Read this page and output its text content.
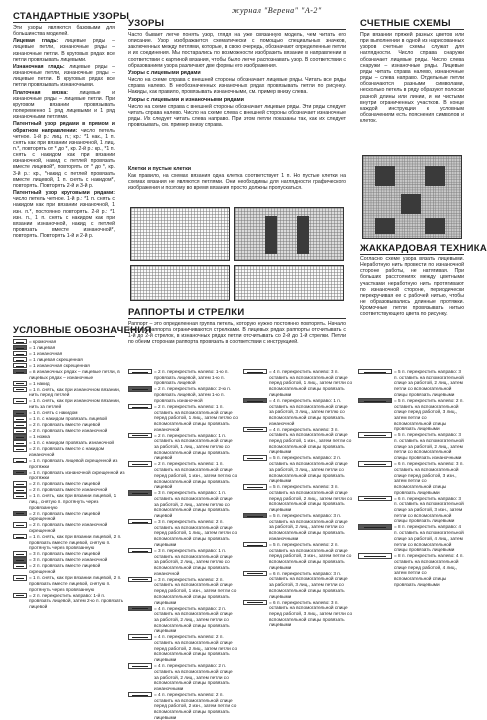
журнал "Верена" "А-2"
СТАНДАРТНЫЕ УЗОРЫ

Эти узоры являются базовыми для большинства моделей.

Лицевая гладь: лицевые ряды – лицевые петли, изнаночные ряды – изнаночные петли. В круговых рядах все петли провязывать лицевыми.

Изнаночная гладь: лицевые ряды – изнаночные петли, изнаночные ряды – лицевые петли. В круговых рядах все петли провязывать изнаночными.

Платочная вязка: лицевые и изнаночные ряды – лицевые петли. При круговом вязании провязывать попеременно 1 ряд лицевыми и 1 ряд изнаночными петлями.

Патентный узор рядами в прямом и обратном направлении: число петель четное. 1-й р.: лиц. п.; кр.: *1 нак., 1 п. снять как при вязании изнаночной, 1 лиц. п.*, повторять от * до *, кр. 2-й р.: кр., *1 п. снять с накидом как при вязании изнаночной, накид с петлей провязать вместе лицевой*, повторять от * до *, кр. 3-й р.: кр., *накид с петлей провязать вместе лицевой, 1 п. снять с накидом*, повторять. Повторять 2-й и 3-й р.

Патентный узор круговыми рядами: число петель четное. 1-й р.: *1 п. снять с накидом как при вязании изнаночной, 1 изн. п.*, постоянно повторять. 2-й р.: *1 изн. п., 1 п. снять с накидом как при вязании изнаночной, накид с петлей провязать вместе изнаночной*, повторять. Повторять 1-й и 2-й р.

УЗОРЫ

Часто бывает легче понять узор, глядя на уже связанную модель, чем читать его описание. Узор изображается схематически с помощью специальных значков, заключенных между петлями, которые, в свою очередь, обозначают определенные петли и их соединения. Мы постарались по возможности изобразить вязание в направлении в соответствии с картиной вязания, чтобы было легче распознавать узор. В соответствии с образованием узора различают две формы его изображения.

Узоры с лицевыми рядами

Число на схеме справа с внешней стороны обозначает лицевые ряды. Читать все ряды справа налево. В необозначенных изнаночных рядах провязывать петли по рисунку. Накиды, как правило, провязывать изнаночными, см. пример внизу слева.

Узоры с лицевыми и изнаночными рядами

Число на схеме справа с внешней стороны обозначает лицевые ряды. Эти ряды следует читать справа налево. Число на схеме слева с внешней стороны обозначает изнаночные ряды. Их следует читать слева направо. При этом петли показаны так, как их следует провязывать, см. пример внизу справа.

Клетки и пустые клетки

Как правило, на схемах вязания одна клетка соответствует 1 п. Но пустые клетки на схемах вязания не являются петлями. Они необходимы для наглядности графического изображения и поэтому во время вязания просто должны пропускаться.

РАППОРТЫ И СТРЕЛКИ

Раппорт – это определенная группа петель, которую нужно постоянно повторять. Начало и конец раппорта ограничиваются стрелками. В лицевых рядах раппорты отсчитывать с 1-й до 2-й стрелок, в изнаночных рядах петли отсчитывать со 2-й до 1-й стрелки. Петли по обеим сторонам раппорта провязать в соответствии с инструкцией.

СЧЕТНЫЕ СХЕМЫ

При вязании пряжей разных цветов или при выполнении в одной из нарисованных узоров счетные схемы служат для наглядности. Число справа снаружи обозначает лицевые ряды. Число слева снаружи – изнаночные ряды. Лицевые ряды читать справа налево, изнаночные ряды – слева направо. Отдельные петли обозначаются разными символами, несколько петель в ряду образуют полоски разной длины или линии, и ни чистыми внутри ограниченных участков. В конце каждой инструкции к условным обозначениям есть пояснения символов и клеток.

ЖАККАРДОВАЯ ТЕХНИКА
Согласно схеме узора вязать лицевыми. Неработную нить провести по изнаночной стороне работы, не натягивая. При больших расстояниях между цветными участками неработную нить протягивают по изнаночной стороне, периодически перекручивая ее с рабочей нитью, чтобы не образовывались длинные протяжки. Кромочные петли провязывать нитью соответствующего цвета по рисунку.
УСЛОВНЫЕ ОБОЗНАЧЕНИЯ
= кромочная
= 1 лицевая
= 1 изнаночная
= 1 лицевая скрещенная
= 1 изнаночная скрещенная
= в изнаночных рядах – лицевые петли, в лицевых рядах – изнаночные
= 1 накид
= 1 п. снять, как при изнаночном вязании, нить перед петлей
= 1 п. снять, как при изнаночном вязании, нить за петлей
= 1 п. снять с накидом
= 1 п. с накидом провязать лицевой
= 2 п. провязать вместе лицевой
= 2 п. провязать вместе изнаночной
= 1 ножка
= 1 п. с накидом провязать изнаночной
= 2 п. провязать вместе с накидом изнаночной
= 1 п. провязать лицевой скрещенной из протяжки
= 1 п. провязать изнаночной скрещенной из протяжки
= 2 п. провязать вместе лицевой
= 2 п. провязать вместе изнаночной
= 1 п. снять, как при вязании лицевой, 1 лиц., снятую п. протянуть через провязанную
= 2 п. провязать вместе лицевой скрещенной
= 2 п. провязать вместе изнаночной скрещенной
= 1 п. снять, как при вязании лицевой, 2 п. провязать вместе лицевой, снятую п. протянуть через провязанную
= 3 п. провязать вместе лицевой
= 3 п. провязать вместе изнаночной
= 2 п. провязать вместе лицевой скрещенной
= 1 п. снять, как при вязании лицевой, 2 п. провязать вместе лицевой, снятую п. протянуть через провязанную
= 2 п. перекрестить направо: 1-й п. провязать лицевой, затем 2-ю п. провязать лицевой
= 2 п. перекрестить налево: 1-ю п. провязать лицевой, затем 1-ю п. провязать лицевой
= 2 п. перекрестить направо: 2-ю п. провязать лицевой, затем 1-ю п. провязать изнаночной
= 2 п. перекрестить налево: 1 п. оставить на вспомогательной спице перед работой, 1 лиц., затем петлю со вспомогательной спицы провязать изнаночной
= 2 п. перекрестить направо: 1 п. оставить на вспомогательной спице за работой, 1 лиц., затем петлю со вспомогательной спицы провязать лицевой
= 2 п. перекрестить налево: 1 п. оставить на вспомогательной спице перед работой, 1 изн., затем петлю со вспомогательной спицы провязать лицевой
= 3 п. перекрестить направо: 1 п. оставить на вспомогательной спице за работой, 2 лиц., затем петлю со вспомогательной спицы провязать лицевой
= 3 п. перекрестить налево: 2 п. оставить на вспомогательной спице перед работой, 1 лиц., затем петли со вспомогательной спицы провязать лицевыми
= 3 п. перекрестить направо: 1 п. оставить на вспомогательной спице за работой, 2 лиц., затем петлю со вспомогательной спицы провязать изнаночной
= 3 п. перекрестить налево: 2 п. оставить на вспомогательной спице перед работой, 1 изн., затем петли со вспомогательной спицы провязать лицевыми
= 4 п. перекрестить направо: 2 п. оставить на вспомогательной спице за работой, 2 лиц., затем петли со вспомогательной спицы провязать лицевыми
= 4 п. перекрестить налево: 2 п. оставить на вспомогательной спице перед работой, 2 лиц., затем петли со вспомогательной спицы провязать лицевыми
= 4 п. перекрестить направо: 2 п. оставить на вспомогательной спице за работой, 2 лиц., затем петли со вспомогательной спицы провязать изнаночными
= 4 п. перекрестить налево: 2 п. оставить на вспомогательной спице перед работой, 2 изн., затем петли со вспомогательной спицы провязать лицевыми
= 4 п. перекрестить налево: 3 п. оставить на вспомогательной спице перед работой, 1 лиц., затем петли со вспомогательной спицы провязать лицевыми
= 4 п. перекрестить направо: 1 п. оставить на вспомогательной спице за работой, 3 лиц., затем петлю со вспомогательной спицы провязать изнаночной
= 4 п. перекрестить налево: 3 п. оставить на вспомогательной спице перед работой, 1 изн., затем петли со вспомогательной спицы провязать лицевыми
= 5 п. перекрестить направо: 2 п. оставить на вспомогательной спице за работой, 3 лиц., затем петли со вспомогательной спицы провязать лицевыми
= 5 п. перекрестить налево: 3 п. оставить на вспомогательной спице перед работой, 2 лиц., затем петли со вспомогательной спицы провязать лицевыми
= 5 п. перекрестить направо: 3 п. оставить на вспомогательной спице за работой, 2 лиц., затем петли со вспомогательной спицы провязать изнаночными
= 5 п. перекрестить налево: 2 п. оставить на вспомогательной спице перед работой, 3 изн., затем петли со вспомогательной спицы провязать лицевыми
= 6 п. перекрестить направо: 3 п. оставить на вспомогательной спице за работой, 3 лиц., затем петли со вспомогательной спицы провязать лицевыми
= 6 п. перекрестить налево: 3 п. оставить на вспомогательной спице перед работой, 3 лиц., затем петли со вспомогательной спицы провязать лицевыми
= 5 п. перекрестить направо: 3 п. оставить на вспомогательной спице за работой, 2 лиц., затем петли со вспомогательной спицы провязать лицевыми
= 5 п. перекрестить налево: 2 п. оставить на вспомогательной спице перед работой, 3 лиц., затем петли со вспомогательной спицы провязать лицевыми
= 5 п. перекрестить направо: 3 п. оставить на вспомогательной спице за работой, 2 лиц., затем петли со вспомогательной спицы провязать изнаночными
= 6 п. перекрестить налево: 3 п. оставить на вспомогательной спице перед работой, 3 изн., затем петли со вспомогательной спицы провязать лицевыми
= 6 п. перекрестить направо: 3 п. оставить на вспомогательной спице за работой, 3 изн., затем петли со вспомогательной спицы провязать лицевыми
= 8 п. перекрестить направо: 4 п. оставить на вспомогательной спице за работой, 4 лиц., затем петли со вспомогательной спицы провязать лицевыми
= 8 п. перекрестить налево: 4 п. оставить на вспомогательной спице перед работой, 4 лиц., затем петли со вспомогательной спицы провязать лицевыми
